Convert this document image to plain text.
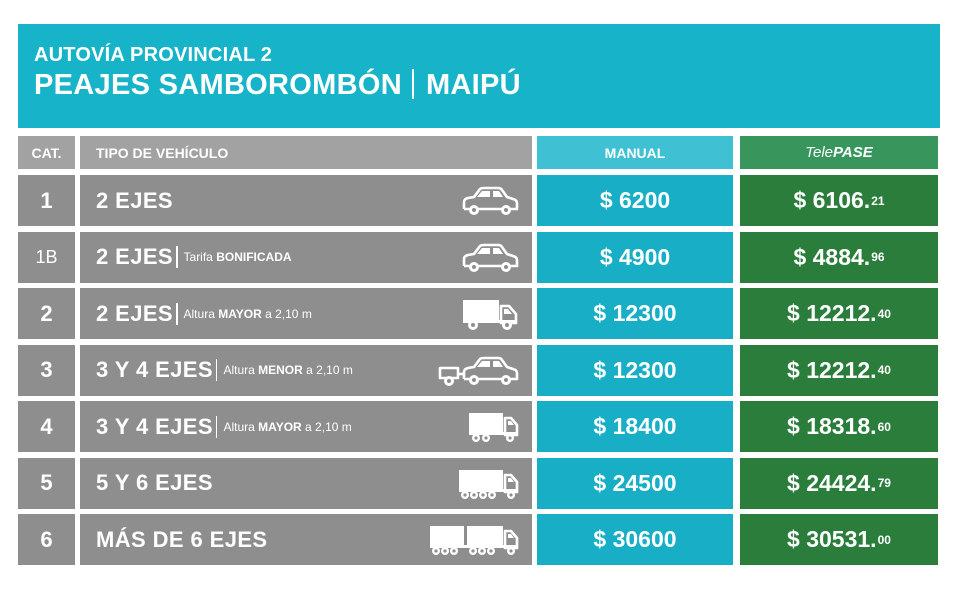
AUTOVÍA PROVINCIAL 2
PEAJES SAMBOROMBÓN MAIPÚ
CAT.	TIPO DE VEHÍCULO	MANUAL	Tele PASE
1	2 EJES	$ 6200	$ 6106. 21
1B	2 EJES Tarifa BONIFICADA	$ 4900	$ 4884. 96
2	2 EJES Altura MAYOR a 2,10 m	$ 12300	$ 12212. 40
3	3 Y 4 EJES Altura MENOR a 2,10 m	$ 12300	$ 12212. 40
4	3 Y 4 EJES Altura MAYOR a 2,10 m	$ 18400	$ 18318. 60
5	5 Y 6 EJES	$ 24500	$ 24424. 79
6	MÁS DE 6 EJES	$ 30600	$ 30531. 00
